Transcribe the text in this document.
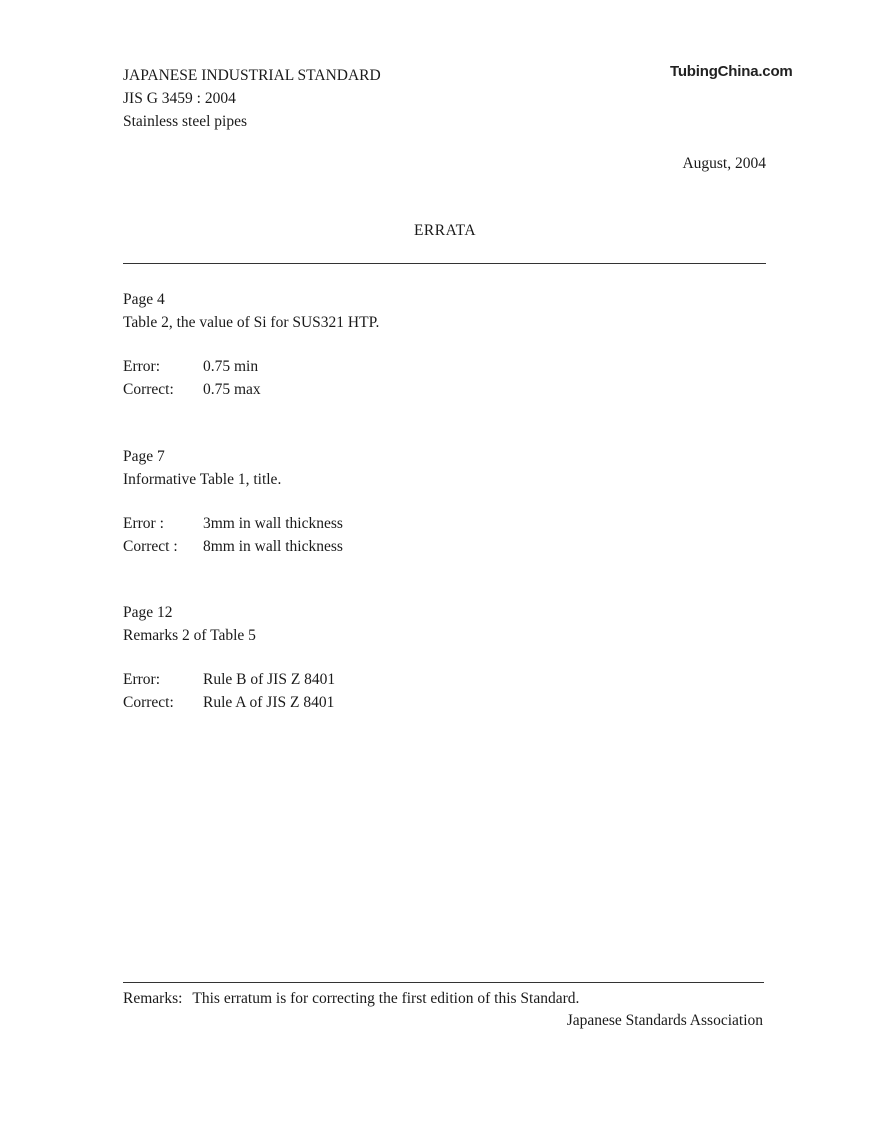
JAPANESE INDUSTRIAL STANDARD
JIS G 3459 : 2004
Stainless steel pipes
TubingChina.com
August, 2004
ERRATA
Page 4
Table 2, the value of Si for SUS321 HTP.
Error:	0.75 min
Correct:	0.75 max
Page 7
Informative Table 1, title.
Error :	3mm in wall thickness
Correct :	8mm in wall thickness
Page 12
Remarks 2 of Table 5
Error:	Rule B of JIS Z 8401
Correct:	Rule A of JIS Z 8401
Remarks: This erratum is for correcting the first edition of this Standard.
Japanese Standards Association
